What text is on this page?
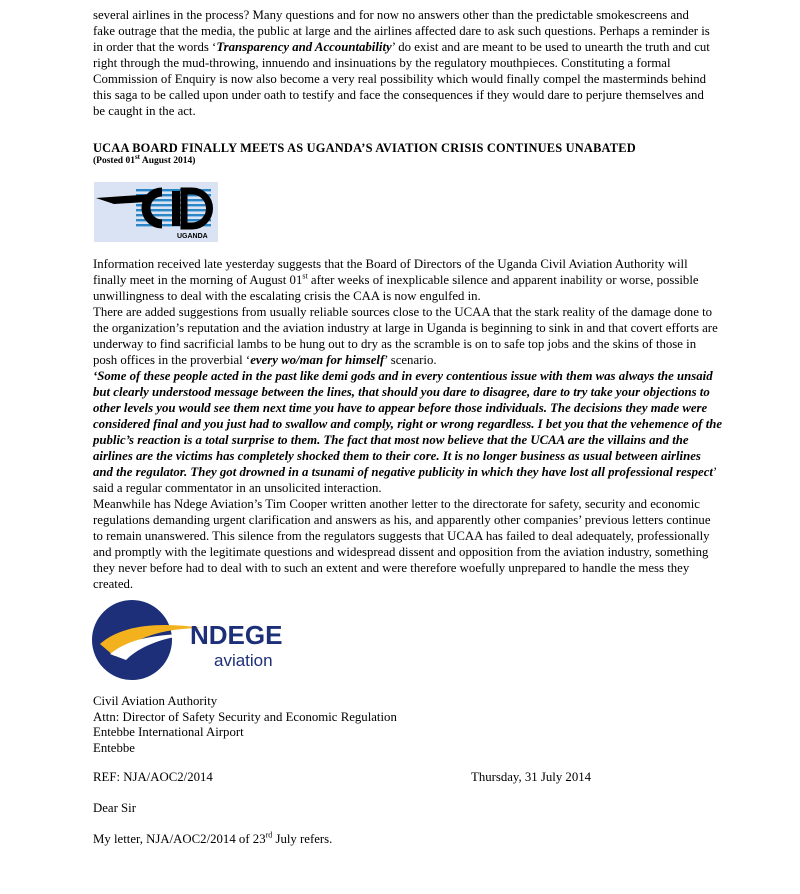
several airlines in the process? Many questions and for now no answers other than the predictable smokescreens and fake outrage that the media, the public at large and the airlines affected dare to ask such questions. Perhaps a reminder is in order that the words ‘Transparency and Accountability’ do exist and are meant to be used to unearth the truth and cut right through the mud-throwing, innuendo and insinuations by the regulatory mouthpieces. Constituting a formal Commission of Enquiry is now also become a very real possibility which would finally compel the masterminds behind this saga to be called upon under oath to testify and face the consequences if they would dare to perjure themselves and be caught in the act.

UCAA BOARD FINALLY MEETS AS UGANDA’S AVIATION CRISIS CONTINUES UNABATED
(Posted 01st August 2014)
UGANDA

Information received late yesterday suggests that the Board of Directors of the Uganda Civil Aviation Authority will finally meet in the morning of August 01st after weeks of inexplicable silence and apparent inability or worse, possible unwillingness to deal with the escalating crisis the CAA is now engulfed in.

There are added suggestions from usually reliable sources close to the UCAA that the stark reality of the damage done to the organization’s reputation and the aviation industry at large in Uganda is beginning to sink in and that covert efforts are underway to find sacrificial lambs to be hung out to dry as the scramble is on to safe top jobs and the skins of those in posh offices in the proverbial ‘every wo/man for himself’ scenario.

‘Some of these people acted in the past like demi gods and in every contentious issue with them was always the unsaid but clearly understood message between the lines, that should you dare to disagree, dare to try take your objections to other levels you would see them next time you have to appear before those individuals. The decisions they made were considered final and you just had to swallow and comply, right or wrong regardless. I bet you that the vehemence of the public’s reaction is a total surprise to them. The fact that most now believe that the UCAA are the villains and the airlines are the victims has completely shocked them to their core. It is no longer business as usual between airlines and the regulator. They got drowned in a tsunami of negative publicity in which they have lost all professional respect’ said a regular commentator in an unsolicited interaction.

Meanwhile has Ndege Aviation’s Tim Cooper written another letter to the directorate for safety, security and economic regulations demanding urgent clarification and answers as his, and apparently other companies’ previous letters continue to remain unanswered. This silence from the regulators suggests that UCAA has failed to deal adequately, professionally and promptly with the legitimate questions and widespread dissent and opposition from the aviation industry, something they never before had to deal with to such an extent and were therefore woefully unprepared to handle the mess they created.

NDEGE
aviation
Civil Aviation Authority
Attn: Director of Safety Security and Economic Regulation
Entebbe International Airport
Entebbe
REF: NJA/AOC2/2014	Thursday, 31 July 2014
Dear Sir
My letter, NJA/AOC2/2014 of 23rd July refers.
